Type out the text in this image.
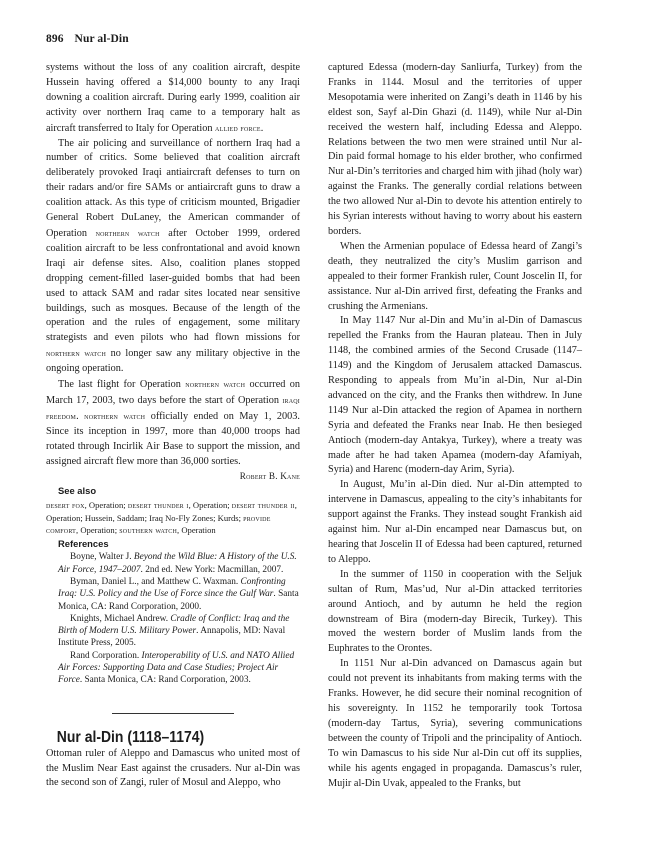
896 Nur al-Din

systems without the loss of any coalition aircraft, despite Hussein having offered a $14,000 bounty to any Iraqi downing a coalition aircraft. During early 1999, coalition air activity over northern Iraq came to a temporary halt as aircraft transferred to Italy for Operation allied force.

The air policing and surveillance of northern Iraq had a number of critics. Some believed that coalition aircraft deliberately provoked Iraqi antiaircraft defenses to turn on their radars and/or fire SAMs or antiaircraft guns to draw a coalition attack. As this type of criticism mounted, Brigadier General Robert DuLaney, the American commander of Operation northern watch after October 1999, ordered coalition aircraft to be less confrontational and avoid known Iraqi air defense sites. Also, coalition planes stopped dropping cement-filled laser-guided bombs that had been used to attack SAM and radar sites located near sensitive buildings, such as mosques. Because of the length of the operation and the rules of engagement, some military strategists and even pilots who had flown missions for northern watch no longer saw any military objective in the ongoing operation.

The last flight for Operation northern watch occurred on March 17, 2003, two days before the start of Operation iraqi freedom. northern watch officially ended on May 1, 2003. Since its inception in 1997, more than 40,000 troops had rotated through Incirlik Air Base to support the mission, and assigned aircraft flew more than 36,000 sorties.

Robert B. Kane

See also

desert fox, Operation; desert thunder i, Operation; desert thunder ii, Operation; Hussein, Saddam; Iraq No-Fly Zones; Kurds; provide comfort, Operation; southern watch, Operation

References

Boyne, Walter J. Beyond the Wild Blue: A History of the U.S. Air Force, 1947–2007. 2nd ed. New York: Macmillan, 2007.

Byman, Daniel L., and Matthew C. Waxman. Confronting Iraq: U.S. Policy and the Use of Force since the Gulf War. Santa Monica, CA: Rand Corporation, 2000.

Knights, Michael Andrew. Cradle of Conflict: Iraq and the Birth of Modern U.S. Military Power. Annapolis, MD: Naval Institute Press, 2005.

Rand Corporation. Interoperability of U.S. and NATO Allied Air Forces: Supporting Data and Case Studies; Project Air Force. Santa Monica, CA: Rand Corporation, 2003.

Nur al-Din (1118–1174)

Ottoman ruler of Aleppo and Damascus who united most of the Muslim Near East against the crusaders. Nur al-Din was the second son of Zangi, ruler of Mosul and Aleppo, who

captured Edessa (modern-day Sanliurfa, Turkey) from the Franks in 1144. Mosul and the territories of upper Mesopotamia were inherited on Zangi’s death in 1146 by his eldest son, Sayf al-Din Ghazi (d. 1149), while Nur al-Din received the western half, including Edessa and Aleppo. Relations between the two men were strained until Nur al-Din paid formal homage to his elder brother, who confirmed Nur al-Din’s territories and charged him with jihad (holy war) against the Franks. The generally cordial relations between the two allowed Nur al-Din to devote his attention entirely to his Syrian interests without having to worry about his eastern borders.

When the Armenian populace of Edessa heard of Zangi’s death, they neutralized the city’s Muslim garrison and appealed to their former Frankish ruler, Count Joscelin II, for assistance. Nur al-Din arrived first, defeating the Franks and crushing the Armenians.

In May 1147 Nur al-Din and Mu’in al-Din of Damascus repelled the Franks from the Hauran plateau. Then in July 1148, the combined armies of the Second Crusade (1147–1149) and the Kingdom of Jerusalem attacked Damascus. Responding to appeals from Mu’in al-Din, Nur al-Din advanced on the city, and the Franks then withdrew. In June 1149 Nur al-Din attacked the region of Apamea in northern Syria and defeated the Franks near Inab. He then besieged Antioch (modern-day Antakya, Turkey), where a treaty was made after he had taken Apamea (modern-day Afamiyah, Syria) and Harenc (modern-day Arim, Syria).

In August, Mu’in al-Din died. Nur al-Din attempted to intervene in Damascus, appealing to the city’s inhabitants for support against the Franks. They instead sought Frankish aid against him. Nur al-Din encamped near Damascus but, on hearing that Joscelin II of Edessa had been captured, returned to Aleppo.

In the summer of 1150 in cooperation with the Seljuk sultan of Rum, Mas’ud, Nur al-Din attacked territories around Antioch, and by autumn he held the region downstream of Bira (modern-day Birecik, Turkey). This moved the western border of Muslim lands from the Euphrates to the Orontes.

In 1151 Nur al-Din advanced on Damascus again but could not prevent its inhabitants from making terms with the Franks. However, he did secure their nominal recognition of his sovereignty. In 1152 he temporarily took Tortosa (modern-day Tartus, Syria), severing communications between the county of Tripoli and the principality of Antioch. To win Damascus to his side Nur al-Din cut off its supplies, while his agents engaged in propaganda. Damascus’s ruler, Mujir al-Din Uvak, appealed to the Franks, but
